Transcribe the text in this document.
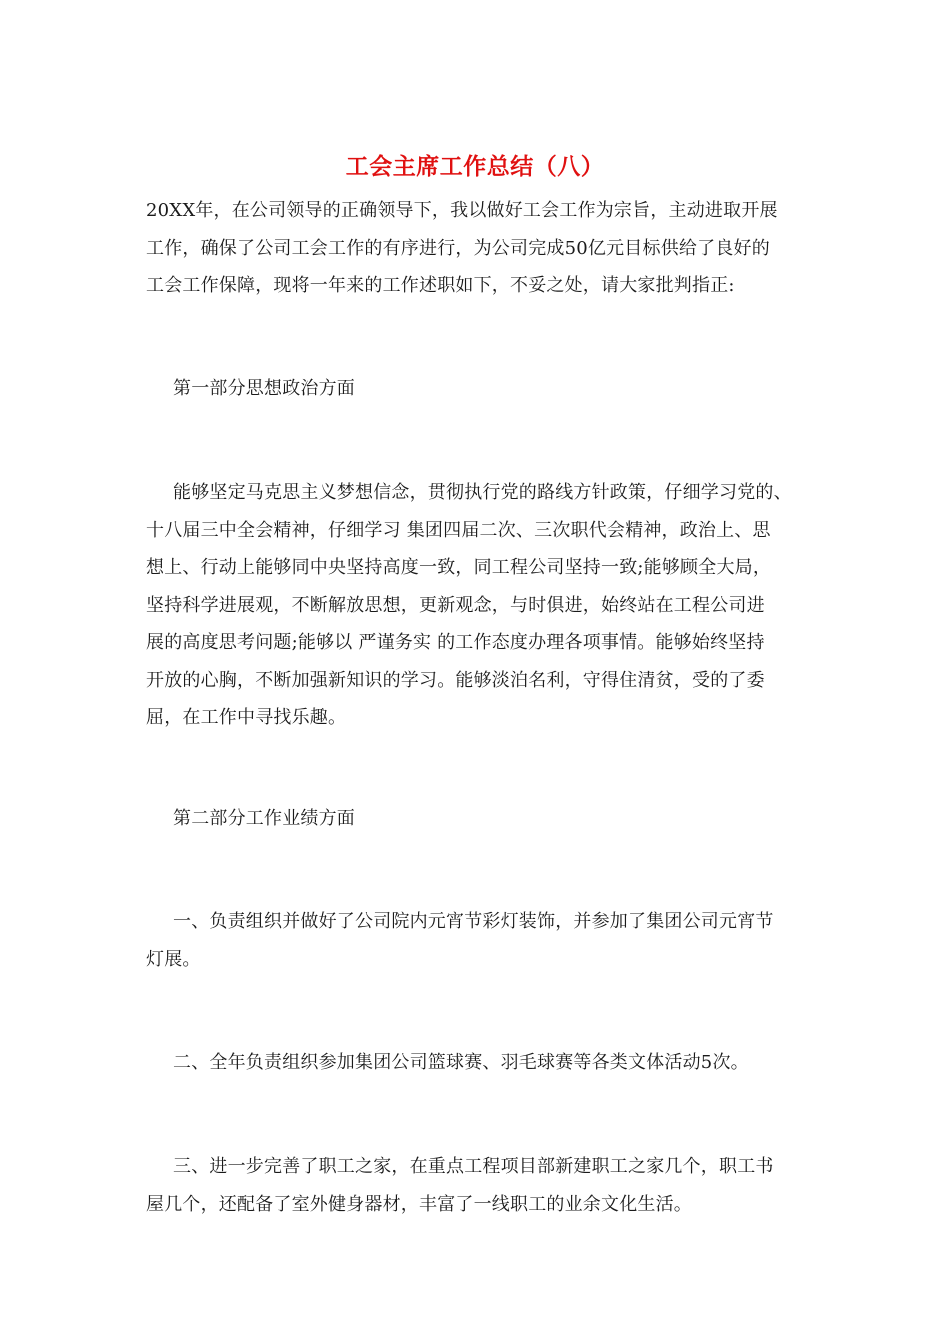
工会主席工作总结（八）

20XX年，在公司领导的正确领导下，我以做好工会工作为宗旨，主动进取开展
工作，确保了公司工会工作的有序进行，为公司完成50亿元目标供给了良好的
工会工作保障，现将一年来的工作述职如下，不妥之处，请大家批判指正:

第一部分思想政治方面

能够坚定马克思主义梦想信念，贯彻执行党的路线方针政策，仔细学习党的、
十八届三中全会精神，仔细学习 集团四届二次、三次职代会精神，政治上、思
想上、行动上能够同中央坚持高度一致，同工程公司坚持一致;能够顾全大局，
坚持科学进展观，不断解放思想，更新观念，与时俱进，始终站在工程公司进
展的高度思考问题;能够以 严谨务实 的工作态度办理各项事情。能够始终坚持
开放的心胸，不断加强新知识的学习。能够淡泊名利，守得住清贫，受的了委
屈，在工作中寻找乐趣。

第二部分工作业绩方面

一、负责组织并做好了公司院内元宵节彩灯装饰，并参加了集团公司元宵节
灯展。

二、全年负责组织参加集团公司篮球赛、羽毛球赛等各类文体活动5次。

三、进一步完善了职工之家，在重点工程项目部新建职工之家几个，职工书
屋几个，还配备了室外健身器材，丰富了一线职工的业余文化生活。
